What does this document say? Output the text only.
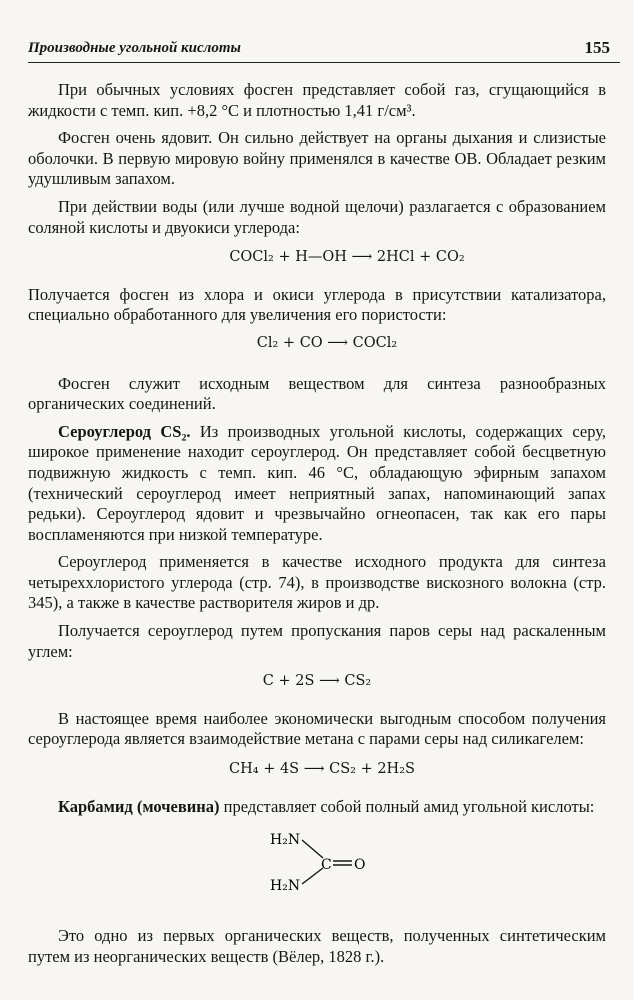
Производные угольной кислоты	155

При обычных условиях фосген представляет собой газ, сгущающийся в жидкости с темп. кип. +8,2 °С и плотностью 1,41 г/см³.

Фосген очень ядовит. Он сильно действует на органы дыхания и слизистые оболочки. В первую мировую войну применялся в качестве ОВ. Обладает резким удушливым запахом.

При действии воды (или лучше водной щелочи) разлагается с образованием соляной кислоты и двуокиси углерода:

COCl₂ + H—OH ⟶ 2HCl + CO₂

Получается фосген из хлора и окиси углерода в присутствии катализатора, специально обработанного для увеличения его пористости:

Cl₂ + CO ⟶ COCl₂

Фосген служит исходным веществом для синтеза разнообразных органических соединений.

Сероуглерод CS₂. Из производных угольной кислоты, содержащих серу, широкое применение находит сероуглерод. Он представляет собой бесцветную подвижную жидкость с темп. кип. 46 °С, обладающую эфирным запахом (технический сероуглерод имеет неприятный запах, напоминающий запах редьки). Сероуглерод ядовит и чрезвычайно огнеопасен, так как его пары воспламеняются при низкой температуре.

Сероуглерод применяется в качестве исходного продукта для синтеза четыреххлористого углерода (стр. 74), в производстве вискозного волокна (стр. 345), а также в качестве растворителя жиров и др.

Получается сероуглерод путем пропускания паров серы над раскаленным углем:

C + 2S ⟶ CS₂

В настоящее время наиболее экономически выгодным способом получения сероуглерода является взаимодействие метана с парами серы над силикагелем:

CH₄ + 4S ⟶ CS₂ + 2H₂S

Карбамид (мочевина) представляет собой полный амид угольной кислоты:

H₂N
H₂N
C O

Это одно из первых органических веществ, полученных синтетическим путем из неорганических веществ (Вёлер, 1828 г.).
